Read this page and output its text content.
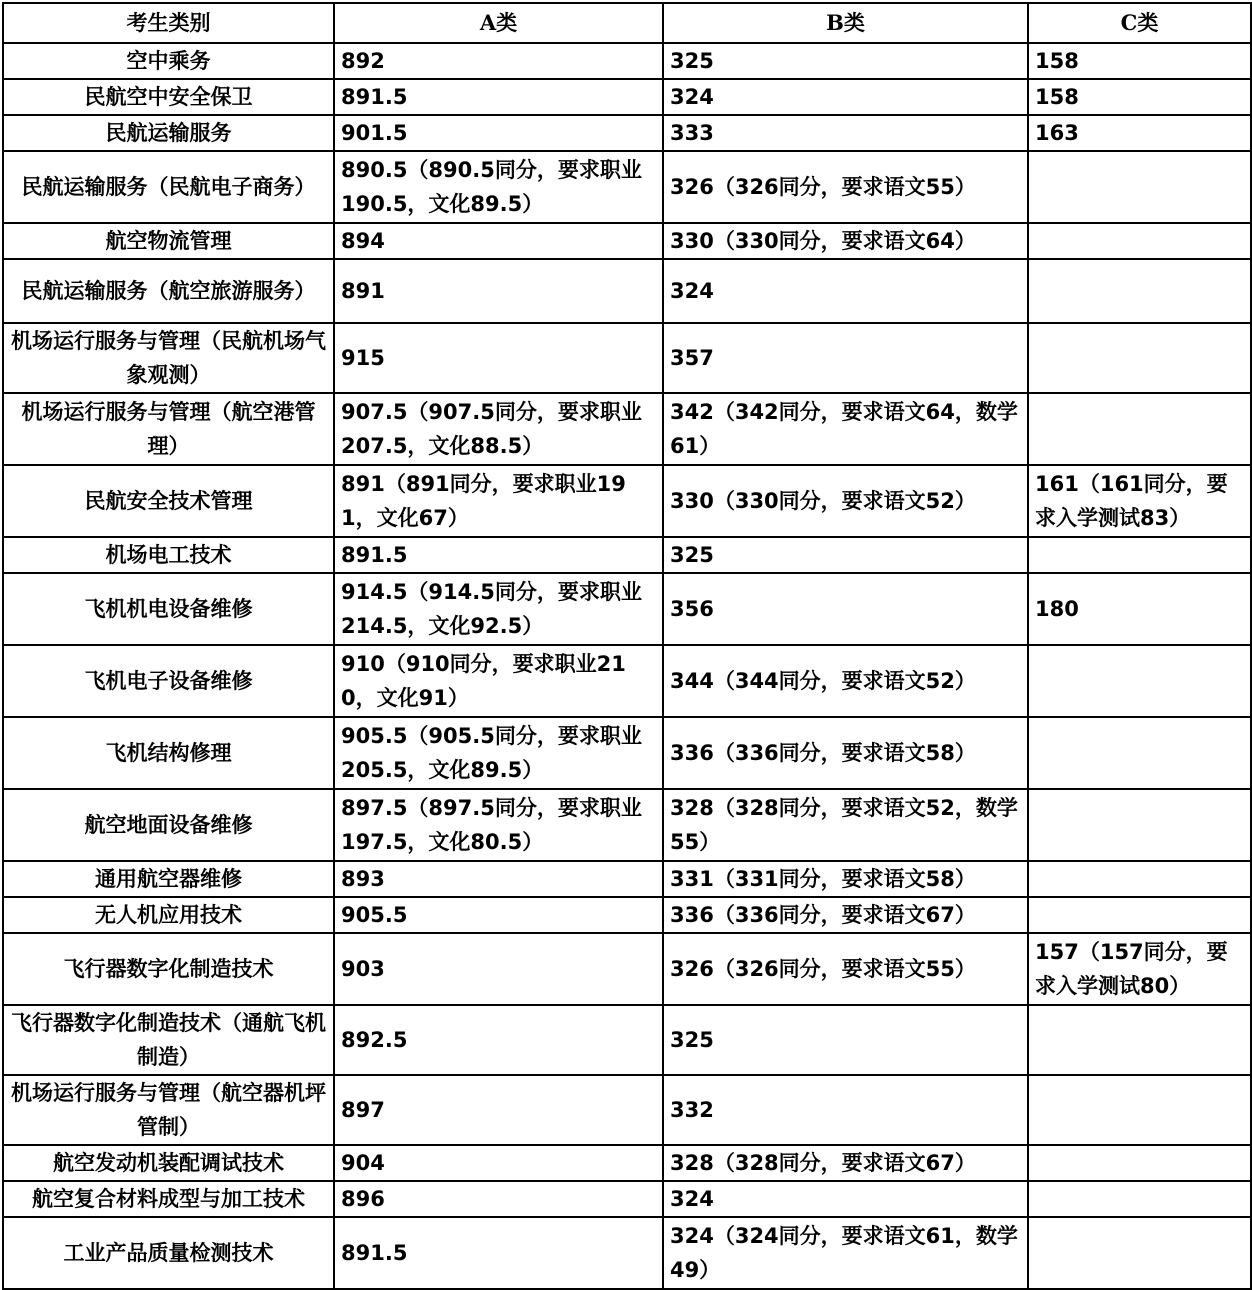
考生类别	A类	B类	C类
空中乘务	892	325	158
民航空中安全保卫	891.5	324	158
民航运输服务	901.5	333	163
民航运输服务（民航电子商务）	890.5（890.5同分，要求职业190.5，文化89.5）	326（326同分，要求语文55）	
航空物流管理	894	330（330同分，要求语文64）	
民航运输服务（航空旅游服务）	891	324	
机场运行服务与管理（民航机场气象观测）	915	357	
机场运行服务与管理（航空港管理）	907.5（907.5同分，要求职业207.5，文化88.5）	342（342同分，要求语文64，数学61）	
民航安全技术管理	891（891同分，要求职业191，文化67）	330（330同分，要求语文52）	161（161同分，要求入学测试83）
机场电工技术	891.5	325	
飞机机电设备维修	914.5（914.5同分，要求职业214.5，文化92.5）	356	180
飞机电子设备维修	910（910同分，要求职业210，文化91）	344（344同分，要求语文52）	
飞机结构修理	905.5（905.5同分，要求职业205.5，文化89.5）	336（336同分，要求语文58）	
航空地面设备维修	897.5（897.5同分，要求职业197.5，文化80.5）	328（328同分，要求语文52，数学55）	
通用航空器维修	893	331（331同分，要求语文58）	
无人机应用技术	905.5	336（336同分，要求语文67）	
飞行器数字化制造技术	903	326（326同分，要求语文55）	157（157同分，要求入学测试80）
飞行器数字化制造技术（通航飞机制造）	892.5	325	
机场运行服务与管理（航空器机坪管制）	897	332	
航空发动机装配调试技术	904	328（328同分，要求语文67）	
航空复合材料成型与加工技术	896	324	
工业产品质量检测技术	891.5	324（324同分，要求语文61，数学49）	
